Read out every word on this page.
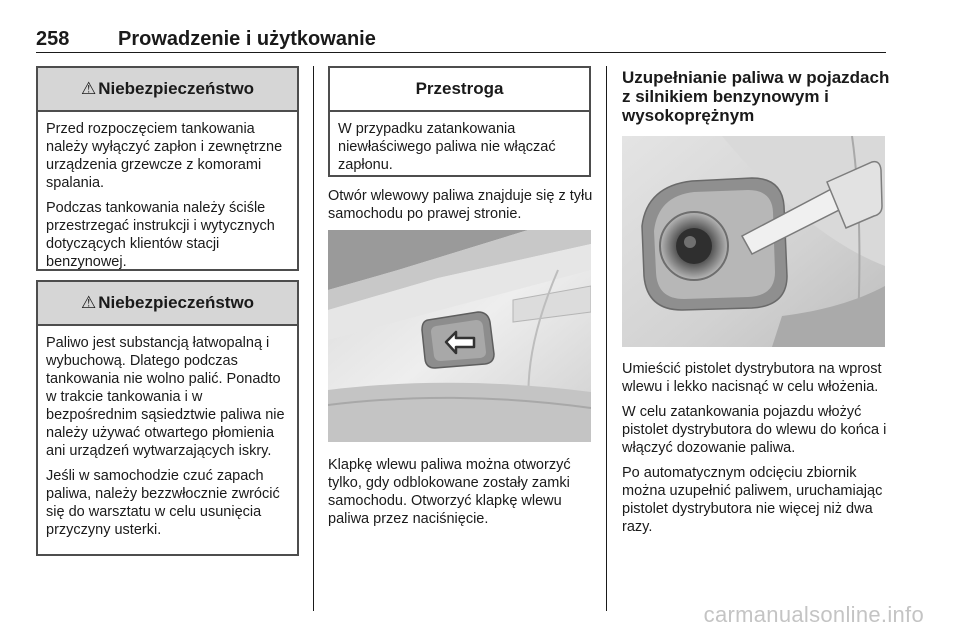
258 Prowadzenie i użytkowanie
⚠ Niebezpieczeństwo

Przed rozpoczęciem tankowania należy wyłączyć zapłon i zewnętrzne urządzenia grzewcze z komorami spalania.

Podczas tankowania należy ściśle przestrzegać instrukcji i wytycznych dotyczących klientów stacji benzynowej.

⚠ Niebezpieczeństwo

Paliwo jest substancją łatwopalną i wybuchową. Dlatego podczas tankowania nie wolno palić. Ponadto w trakcie tankowania i w bezpośrednim sąsiedztwie paliwa nie należy używać otwartego płomienia ani urządzeń wytwarzających iskry.

Jeśli w samochodzie czuć zapach paliwa, należy bezzwłocznie zwrócić się do warsztatu w celu usunięcia przyczyny usterki.

Przestroga

W przypadku zatankowania niewłaściwego paliwa nie włączać zapłonu.

Otwór wlewowy paliwa znajduje się z tyłu samochodu po prawej stronie.

Klapkę wlewu paliwa można otworzyć tylko, gdy odblokowane zostały zamki samochodu. Otworzyć klapkę wlewu paliwa przez naciśnięcie.

Uzupełnianie paliwa w pojazdach z silnikiem benzynowym i wysokoprężnym

Umieścić pistolet dystrybutora na wprost wlewu i lekko nacisnąć w celu włożenia.

W celu zatankowania pojazdu włożyć pistolet dystrybutora do wlewu do końca i włączyć dozowanie paliwa.

Po automatycznym odcięciu zbiornik można uzupełnić paliwem, uruchamiając pistolet dystrybutora nie więcej niż dwa razy.

carmanualsonline.info
